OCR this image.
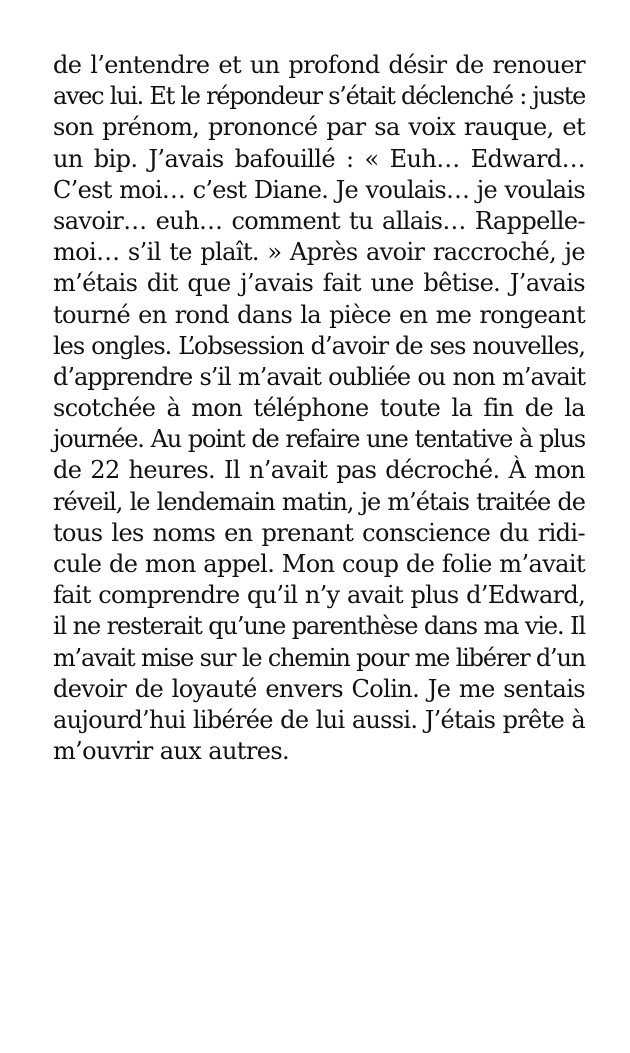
de l’entendre et un profond désir de renouer
avec lui. Et le répondeur s’était déclenché : juste
son prénom, prononcé par sa voix rauque, et
un bip. J’avais bafouillé : « Euh… Edward…
C’est moi… c’est Diane. Je voulais… je voulais
savoir… euh… comment tu allais… Rappelle-
moi… s’il te plaît. » Après avoir raccroché, je
m’étais dit que j’avais fait une bêtise. J’avais
tourné en rond dans la pièce en me rongeant
les ongles. L’obsession d’avoir de ses nouvelles,
d’apprendre s’il m’avait oubliée ou non m’avait
scotchée à mon téléphone toute la fin de la
journée. Au point de refaire une tentative à plus
de 22 heures. Il n’avait pas décroché. À mon
réveil, le lendemain matin, je m’étais traitée de
tous les noms en prenant conscience du ridi-
cule de mon appel. Mon coup de folie m’avait
fait comprendre qu’il n’y avait plus d’Edward,
il ne resterait qu’une parenthèse dans ma vie. Il
m’avait mise sur le chemin pour me libérer d’un
devoir de loyauté envers Colin. Je me sentais
aujourd’hui libérée de lui aussi. J’étais prête à
m’ouvrir aux autres.
